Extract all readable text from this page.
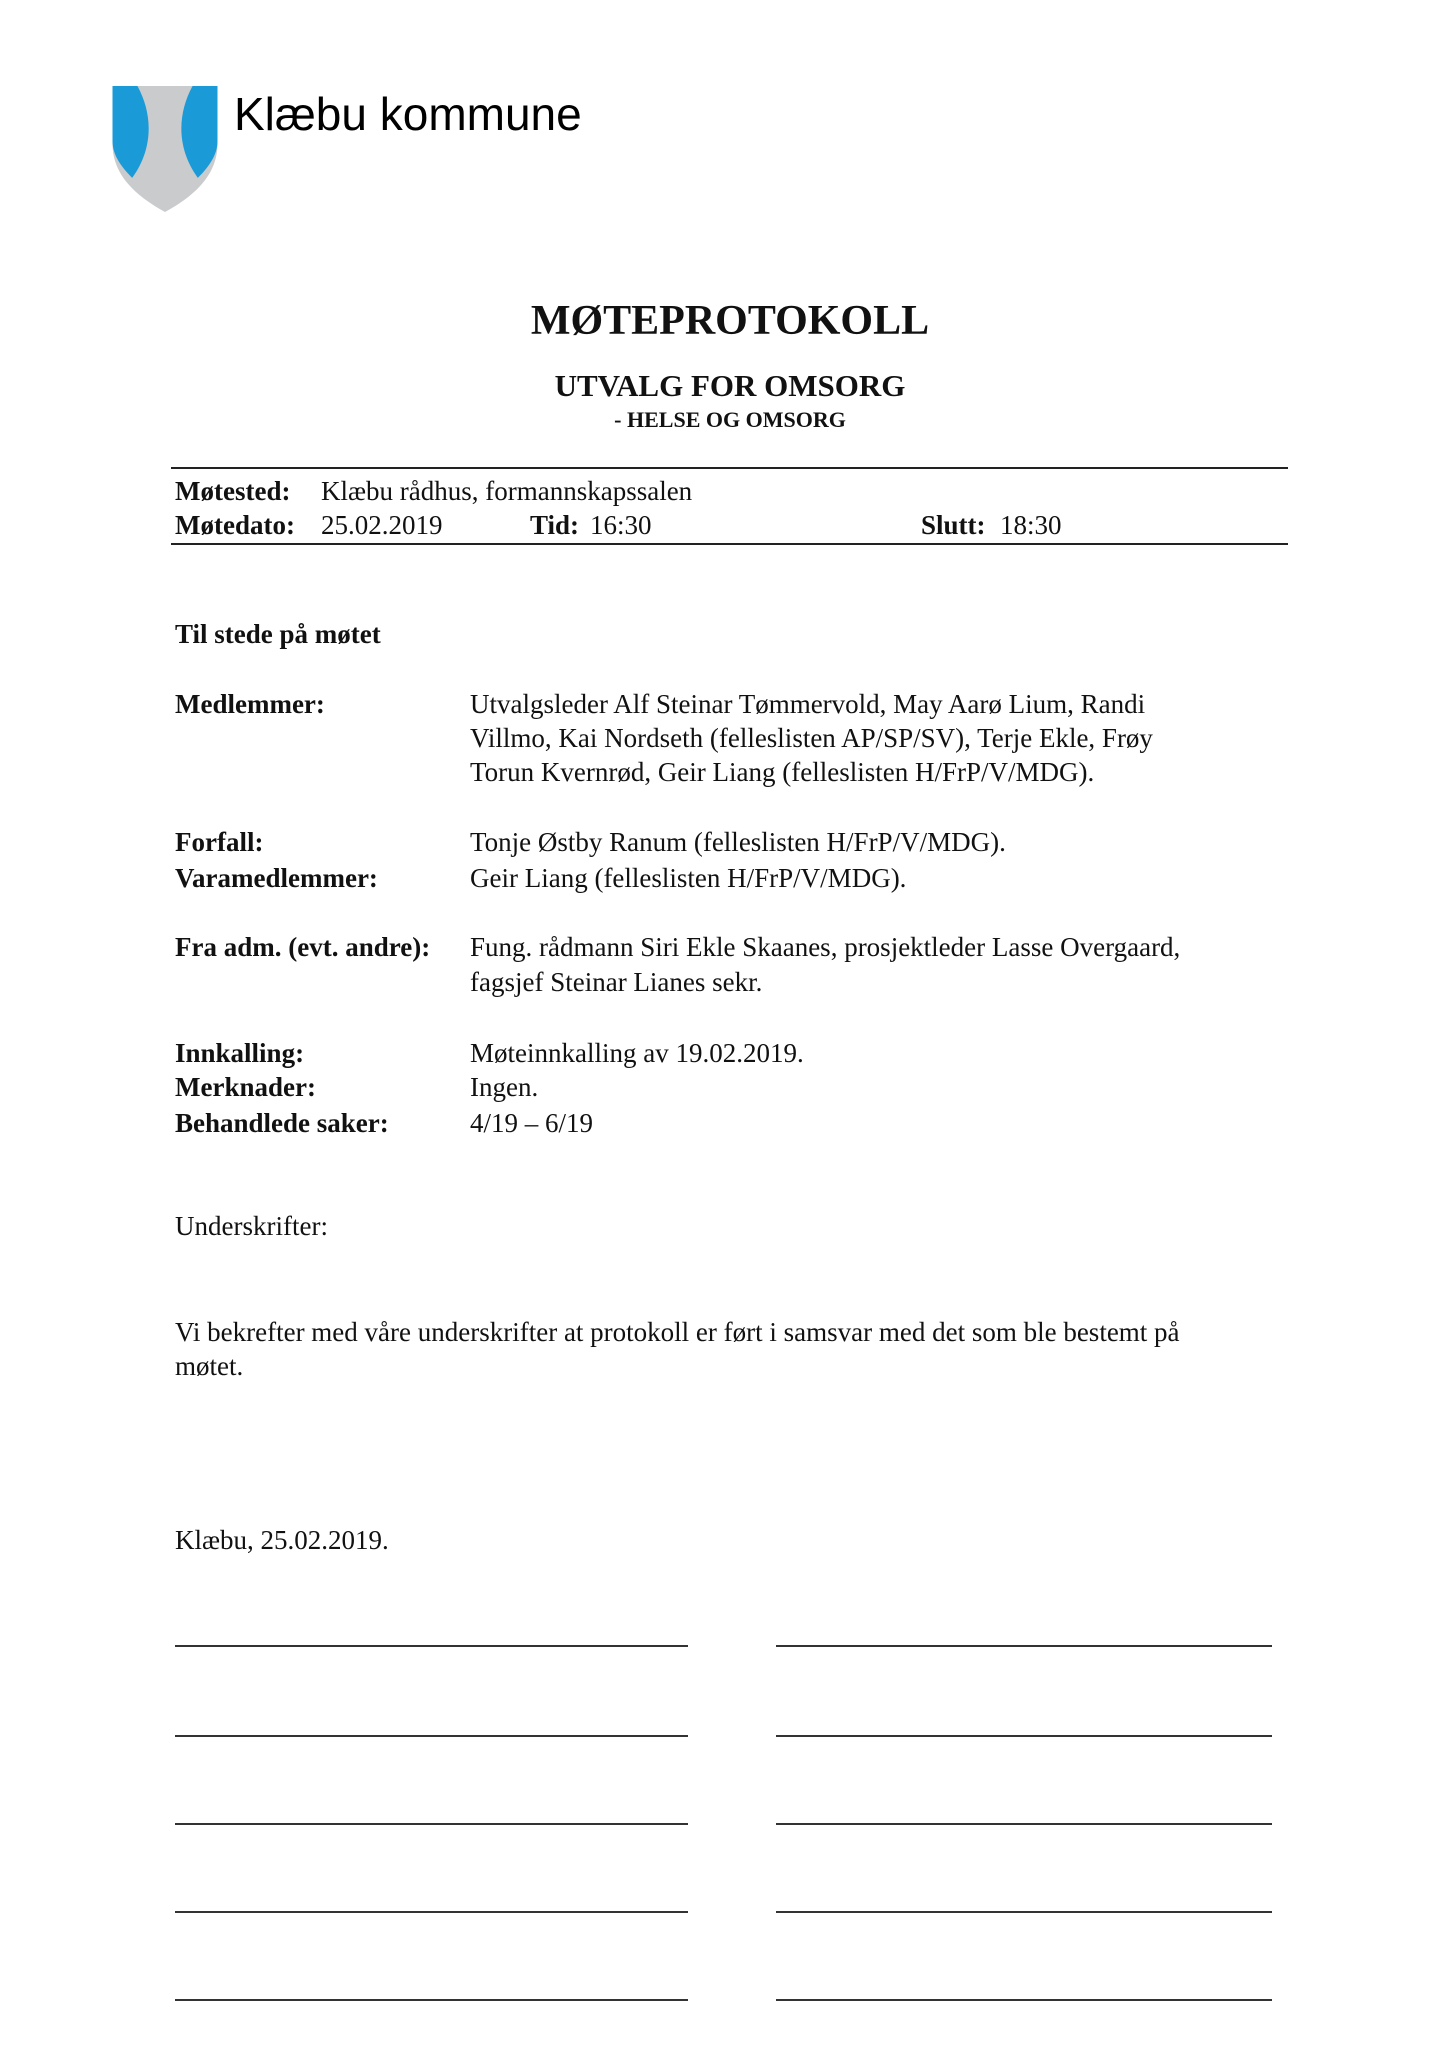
Klæbu kommune
MØTEPROTOKOLL
UTVALG FOR OMSORG
- HELSE OG OMSORG
Møtested: Klæbu rådhus, formannskapssalen
Møtedato: 25.02.2019	Tid: 16:30	Slutt: 18:30
Til stede på møtet
Medlemmer:	Utvalgsleder Alf Steinar Tømmervold, May Aarø Lium, Randi
Villmo, Kai Nordseth (felleslisten AP/SP/SV), Terje Ekle, Frøy
Torun Kvernrød, Geir Liang (felleslisten H/FrP/V/MDG).
Forfall:	Tonje Østby Ranum (felleslisten H/FrP/V/MDG).
Varamedlemmer:	Geir Liang (felleslisten H/FrP/V/MDG).
Fra adm. (evt. andre): Fung. rådmann Siri Ekle Skaanes, prosjektleder Lasse Overgaard,
fagsjef Steinar Lianes sekr.
Innkalling:	Møteinnkalling av 19.02.2019.
Merknader:	Ingen.
Behandlede saker:	4/19 – 6/19
Underskrifter:
Vi bekrefter med våre underskrifter at protokoll er ført i samsvar med det som ble bestemt på
møtet.
Klæbu, 25.02.2019.
